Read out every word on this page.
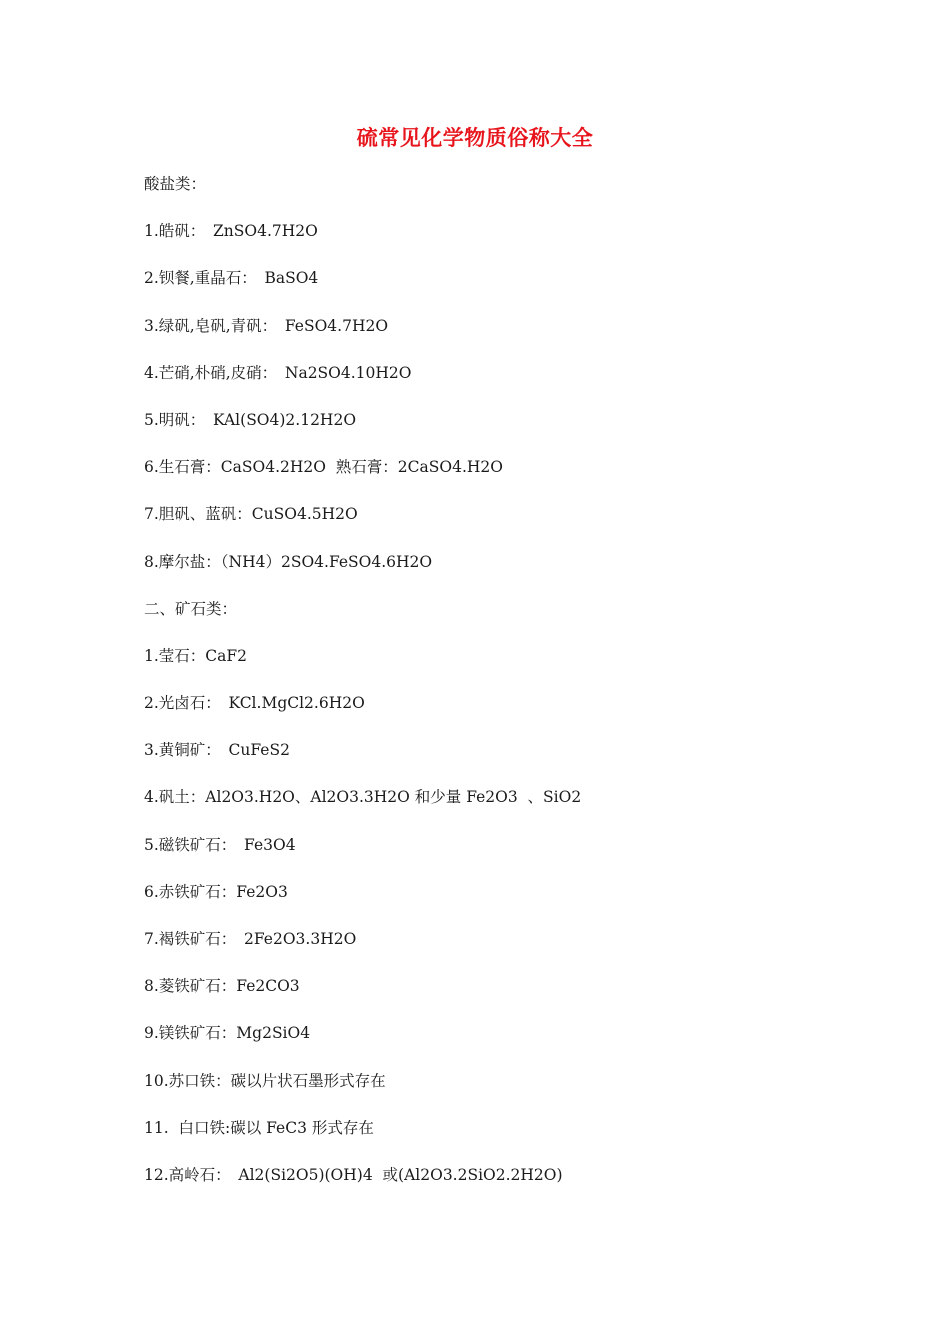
硫常见化学物质俗称大全
酸盐类：
1.皓矾：　ZnSO4.7H2O
2.钡餐,重晶石：　BaSO4
3.绿矾,皂矾,青矾：　FeSO4.7H2O
4.芒硝,朴硝,皮硝：　Na2SO4.10H2O
5.明矾：　KAl(SO4)2.12H2O
6.生石膏：CaSO4.2H2O  熟石膏：2CaSO4.H2O
7.胆矾、蓝矾：CuSO4.5H2O
8.摩尔盐：（NH4）2SO4.FeSO4.6H2O
二、矿石类：
1.莹石：CaF2
2.光卤石：　KCl.MgCl2.6H2O
3.黄铜矿：　CuFeS2
4.矾土：Al2O3.H2O、Al2O3.3H2O 和少量 Fe2O3  、SiO2
5.磁铁矿石：　Fe3O4
6.赤铁矿石：Fe2O3
7.褐铁矿石：　2Fe2O3.3H2O
8.菱铁矿石：Fe2CO3
9.镁铁矿石：Mg2SiO4
10.苏口铁：碳以片状石墨形式存在
11.  白口铁:碳以 FeC3 形式存在
12.高岭石：　Al2(Si2O5)(OH)4  或(Al2O3.2SiO2.2H2O)
